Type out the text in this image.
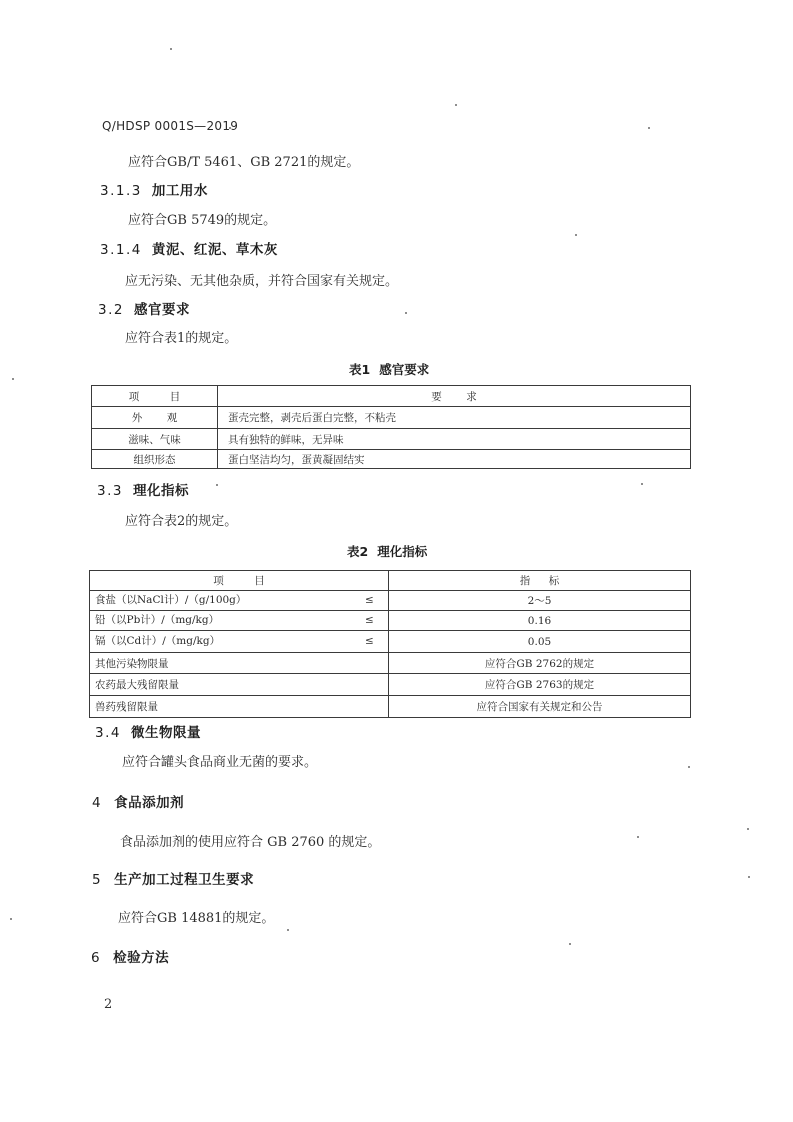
Q/HDSP 0001S—2019
应符合GB/T 5461、GB 2721的规定。
3.1.3 加工用水
应符合GB 5749的规定。
3.1.4 黄泥、红泥、草木灰
应无污染、无其他杂质，并符合国家有关规定。
3.2 感官要求
应符合表1的规定。
表1 感官要求
项　目	要　求
外　观	蛋壳完整，剥壳后蛋白完整，不粘壳
滋味、气味	具有独特的鲜味，无异味
组织形态	蛋白坚洁均匀，蛋黄凝固结实
3.3 理化指标
应符合表2的规定。
表2 理化指标
项　目	指　标

食盐（以NaCl计）/（g/100g） ≤	2～5

铅（以Pb计）/（mg/kg） ≤	0.16

镉（以Cd计）/（mg/kg） ≤	0.05
其他污染物限量	应符合GB 2762的规定
农药最大残留限量	应符合GB 2763的规定
兽药残留限量	应符合国家有关规定和公告
3.4 微生物限量
应符合罐头食品商业无菌的要求。
4 食品添加剂
食品添加剂的使用应符合 GB 2760 的规定。
5 生产加工过程卫生要求
应符合GB 14881的规定。
6 检验方法
2
